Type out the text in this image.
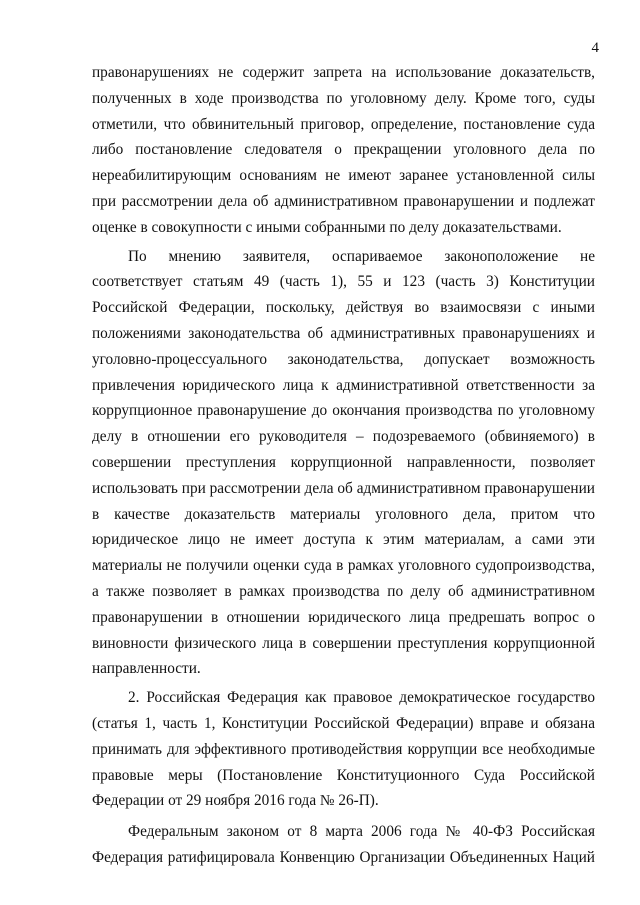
4

правонарушениях не содержит запрета на использование доказательств, полученных в ходе производства по уголовному делу. Кроме того, суды отметили, что обвинительный приговор, определение, постановление суда либо постановление следователя о прекращении уголовного дела по нереабилитирующим основаниям не имеют заранее установленной силы при рассмотрении дела об административном правонарушении и подлежат оценке в совокупности с иными собранными по делу доказательствами.

По мнению заявителя, оспариваемое законоположение не соответствует статьям 49 (часть 1), 55 и 123 (часть 3) Конституции Российской Федерации, поскольку, действуя во взаимосвязи с иными положениями законодательства об административных правонарушениях и уголовно-процессуального законодательства, допускает возможность привлечения юридического лица к административной ответственности за коррупционное правонарушение до окончания производства по уголовному делу в отношении его руководителя – подозреваемого (обвиняемого) в совершении преступления коррупционной направленности, позволяет использовать при рассмотрении дела об административном правонарушении в качестве доказательств материалы уголовного дела, притом что юридическое лицо не имеет доступа к этим материалам, а сами эти материалы не получили оценки суда в рамках уголовного судопроизводства, а также позволяет в рамках производства по делу об административном правонарушении в отношении юридического лица предрешать вопрос о виновности физического лица в совершении преступления коррупционной направленности.

2. Российская Федерация как правовое демократическое государство (статья 1, часть 1, Конституции Российской Федерации) вправе и обязана принимать для эффективного противодействия коррупции все необходимые правовые меры (Постановление Конституционного Суда Российской Федерации от 29 ноября 2016 года № 26-П).

Федеральным законом от 8 марта 2006 года № 40-ФЗ Российская Федерация ратифицировала Конвенцию Организации Объединенных Наций
